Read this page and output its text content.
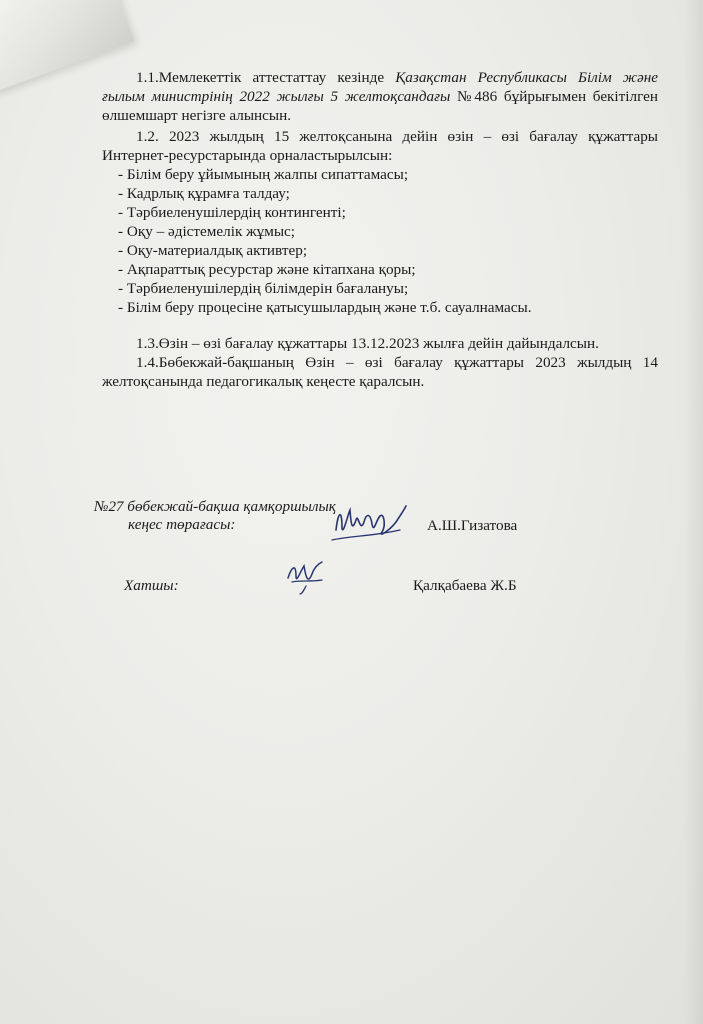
1.1.Мемлекеттік аттестаттау кезінде Қазақстан Республикасы Білім және ғылым министрінің 2022 жылғы 5 желтоқсандағы №486 бұйрығымен бекітілген өлшемшарт негізге алынсын.
1.2. 2023 жылдың 15 желтоқсанына дейін өзін – өзі бағалау құжаттары Интернет-ресурстарында орналастырылсын:
- Білім беру ұйымының жалпы сипаттамасы;
- Кадрлық құрамға талдау;
- Тәрбиеленушілердің контингенті;
- Оқу – әдістемелік жұмыс;
- Оқу-материалдық активтер;
- Ақпараттық ресурстар және кітапхана қоры;
- Тәрбиеленушілердің білімдерін бағалануы;
- Білім беру процесіне қатысушылардың және т.б. сауалнамасы.
1.3.Өзін – өзі бағалау құжаттары 13.12.2023 жылға дейін дайындалсын.
1.4.Бөбекжай-бақшаның Өзін – өзі бағалау құжаттары 2023 жылдың 14 желтоқсанында педагогикалық кеңесте қаралсын.
№27 бөбекжай-бақша қамқоршылық
кеңес төрағасы:	А.Ш.Гизатова
Хатшы:	Қалқабаева Ж.Б
